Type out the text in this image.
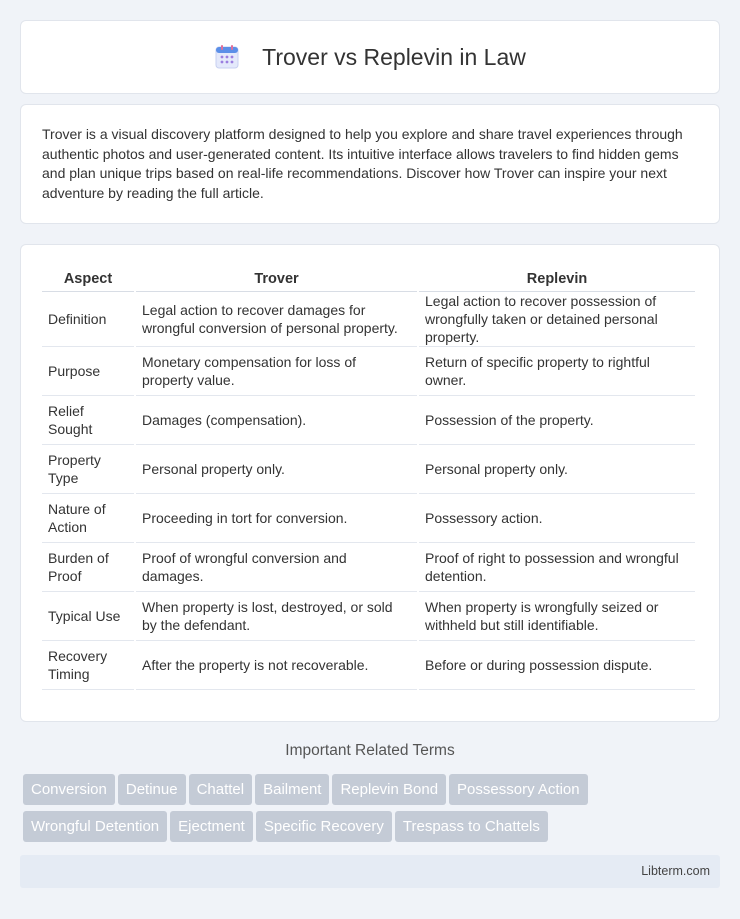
Trover vs Replevin in Law

Trover is a visual discovery platform designed to help you explore and share travel experiences through authentic photos and user-generated content. Its intuitive interface allows travelers to find hidden gems and plan unique trips based on real-life recommendations. Discover how Trover can inspire your next adventure by reading the full article.

Aspect	Trover	Replevin
Definition	Legal action to recover damages for wrongful conversion of personal property.	Legal action to recover possession of wrongfully taken or detained personal property.
Purpose	Monetary compensation for loss of property value.	Return of specific property to rightful owner.
Relief Sought	Damages (compensation).	Possession of the property.
Property Type	Personal property only.	Personal property only.
Nature of Action	Proceeding in tort for conversion.	Possessory action.
Burden of Proof	Proof of wrongful conversion and damages.	Proof of right to possession and wrongful detention.
Typical Use	When property is lost, destroyed, or sold by the defendant.	When property is wrongfully seized or withheld but still identifiable.
Recovery Timing	After the property is not recoverable.	Before or during possession dispute.
Important Related Terms
Conversion Detinue Chattel Bailment Replevin Bond Possessory Action
Wrongful Detention Ejectment Specific Recovery Trespass to Chattels
Libterm.com
